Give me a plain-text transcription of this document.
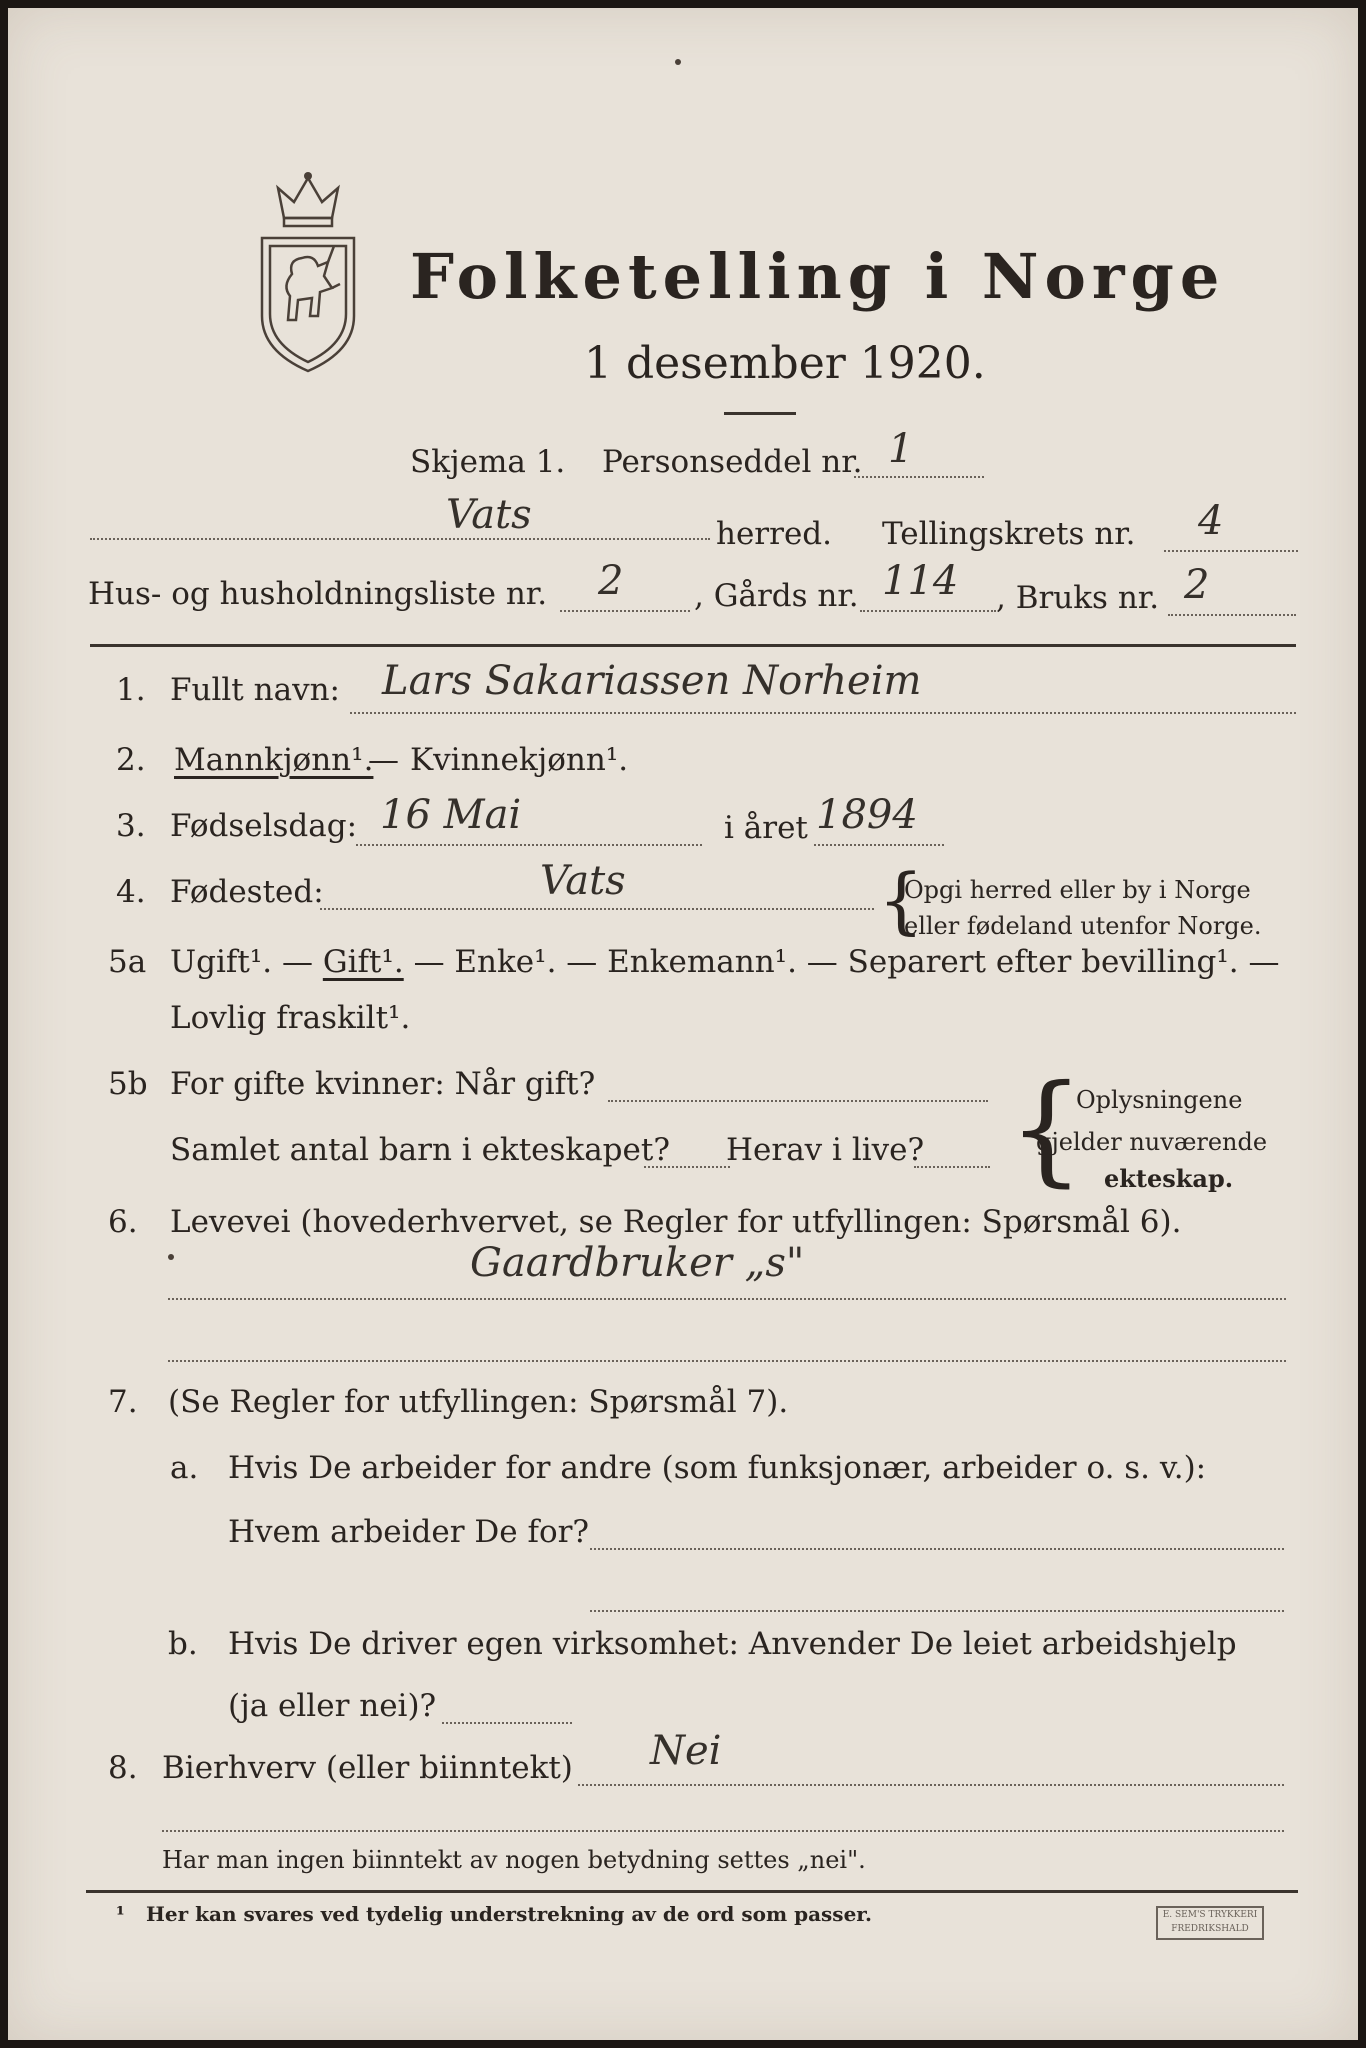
Folketelling i Norge
1 desember 1920.
Skjema 1. Personseddel nr. 1
Vats	herred. Tellingskrets nr. 4
Hus- og husholdningsliste nr. 2 , Gårds nr. 114 , Bruks nr. 2
1. Fullt navn: Lars Sakariassen Norheim
2. Mannkjønn¹.
— Kvinnekjønn¹.
3. Fødselsdag: 16 Mai	i året 1894
4. Fødested:	Vats	{
Opgi herred eller by i Norge
eller fødeland utenfor Norge.
5a Ugift¹. — Gift¹. — Enke¹. — Enkemann¹. — Separert efter bevilling¹. —
Lovlig fraskilt¹.
5b For gifte kvinner: Når gift?
Samlet antal barn i ekteskapet? Herav i live? {
Oplysningene
gjelder nuværende
ekteskap.
6. Levevei (hovederhvervet, se Regler for utfyllingen: Spørsmål 6).
Gaardbruker „s"
7. (Se Regler for utfyllingen: Spørsmål 7).
a. Hvis De arbeider for andre (som funksjonær, arbeider o. s. v.):
Hvem arbeider De for?
b. Hvis De driver egen virksomhet: Anvender De leiet arbeidshjelp
(ja eller nei)?
8. Bierhverv (eller biinntekt) Nei
Har man ingen biinntekt av nogen betydning settes „nei".
¹ Her kan svares ved tydelig understrekning av de ord som passer.	E. SEM'S TRYKKERI
FREDRIKSHALD
